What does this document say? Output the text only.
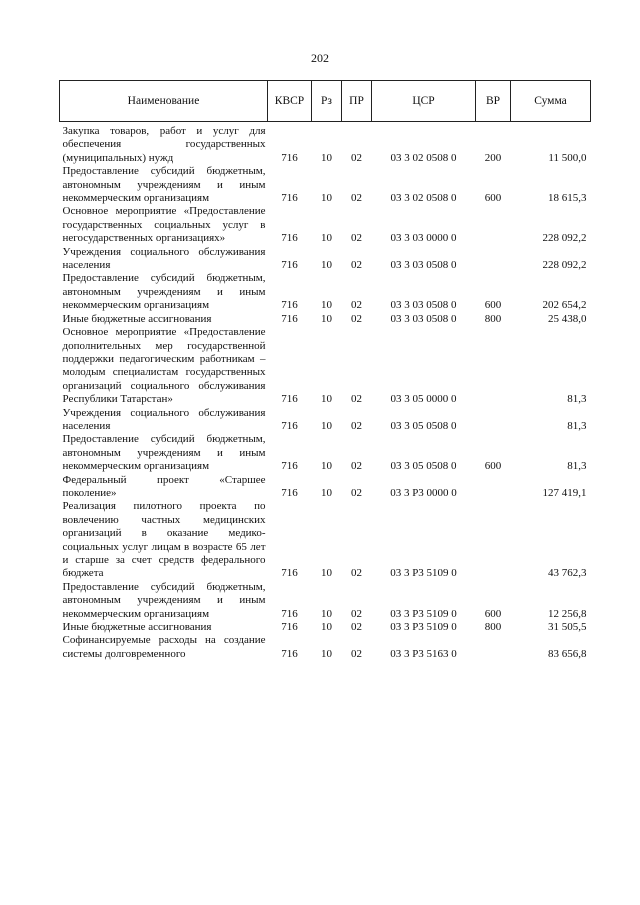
202
Наименование	КВСР	Рз	ПР	ЦСР	ВР	Сумма
Закупка товаров, работ и услуг для обеспечения государственных (муниципальных) нужд	716	10	02	03 3 02 0508 0	200	11 500,0
Предоставление субсидий бюджетным, автономным учреждениям и иным некоммерческим организациям	716	10	02	03 3 02 0508 0	600	18 615,3
Основное мероприятие «Предоставление государственных социальных услуг в негосударственных организациях»	716	10	02	03 3 03 0000 0		228 092,2
Учреждения социального обслуживания населения	716	10	02	03 3 03 0508 0		228 092,2
Предоставление субсидий бюджетным, автономным учреждениям и иным некоммерческим организациям	716	10	02	03 3 03 0508 0	600	202 654,2
Иные бюджетные ассигнования	716	10	02	03 3 03 0508 0	800	25 438,0
Основное мероприятие «Предоставление дополнительных мер государственной поддержки педагогическим работникам – молодым специалистам государственных организаций социального обслуживания Республики Татарстан»	716	10	02	03 3 05 0000 0		81,3
Учреждения социального обслуживания населения	716	10	02	03 3 05 0508 0		81,3
Предоставление субсидий бюджетным, автономным учреждениям и иным некоммерческим организациям	716	10	02	03 3 05 0508 0	600	81,3
Федеральный проект «Старшее поколение»	716	10	02	03 3 Р3 0000 0		127 419,1
Реализация пилотного проекта по вовлечению частных медицинских организаций в оказание медико-социальных услуг лицам в возрасте 65 лет и старше за счет средств федерального бюджета	716	10	02	03 3 Р3 5109 0		43 762,3
Предоставление субсидий бюджетным, автономным учреждениям и иным некоммерческим организациям	716	10	02	03 3 Р3 5109 0	600	12 256,8
Иные бюджетные ассигнования	716	10	02	03 3 Р3 5109 0	800	31 505,5
Софинансируемые расходы на создание системы долговременного	716	10	02	03 3 Р3 5163 0		83 656,8
